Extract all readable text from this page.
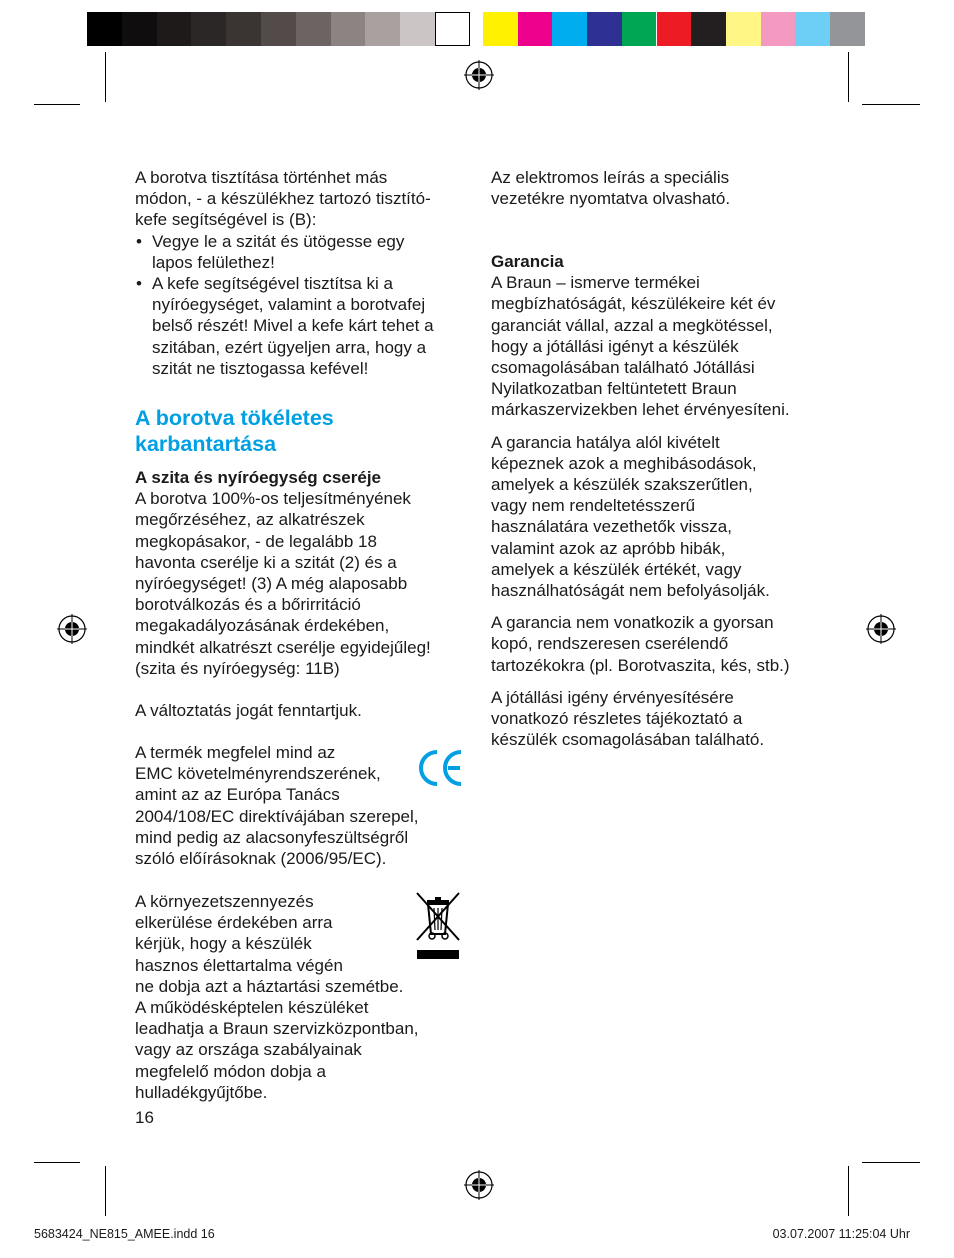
A borotva tisztítása történhet más

módon, - a készülékhez tartozó tisztító-

kefe segítségével is (B):

• Vegye le a szitát és ütögesse egy

lapos felülethez!

• A kefe segítségével tisztítsa ki a

nyíróegységet, valamint a borotvafej

belső részét! Mivel a kefe kárt tehet a

szitában, ezért ügyeljen arra, hogy a

szitát ne tisztogassa kefével!

A borotva tökéletes
karbantartása

A szita és nyíróegység cseréje

A borotva 100%-os teljesítményének

megőrzéséhez, az alkatrészek

megkopásakor, - de legalább 18

havonta cserélje ki a szitát (2) és a

nyíróegységet! (3) A még alaposabb

borotválkozás és a bőrirritáció

megakadályozásának érdekében,

mindkét alkatrészt cserélje egyidejűleg!

(szita és nyíróegység: 11B)

A változtatás jogát fenntartjuk.

A termék megfelel mind az

EMC követelményrendszerének,

amint az az Európa Tanács

2004/108/EC direktívájában szerepel,

mind pedig az alacsonyfeszültségről

szóló előírásoknak (2006/95/EC).

A környezetszennyezés

elkerülése érdekében arra

kérjük, hogy a készülék

hasznos élettartalma végén

ne dobja azt a háztartási szemétbe.

A működésképtelen készüléket

leadhatja a Braun szervizközpontban,

vagy az országa szabályainak

megfelelő módon dobja a

hulladékgyűjtőbe.

16

Az elektromos leírás a speciális

vezetékre nyomtatva olvasható.

Garancia

A Braun – ismerve termékei

megbízhatóságát, készülékeire két év

garanciát vállal, azzal a megkötéssel,

hogy a jótállási igényt a készülék

csomagolásában található Jótállási

Nyilatkozatban feltüntetett Braun

márkaszervizekben lehet érvényesíteni.

A garancia hatálya alól kivételt

képeznek azok a meghibásodások,

amelyek a készülék szakszerűtlen,

vagy nem rendeltetésszerű

használatára vezethetők vissza,

valamint azok az apróbb hibák,

amelyek a készülék értékét, vagy

használhatóságát nem befolyásolják.

A garancia nem vonatkozik a gyorsan

kopó, rendszeresen cserélendő

tartozékokra (pl. Borotvaszita, kés, stb.)

A jótállási igény érvényesítésére

vonatkozó részletes tájékoztató a

készülék csomagolásában található.

5683424_NE815_AMEE.indd 16	03.07.2007 11:25:04 Uhr
